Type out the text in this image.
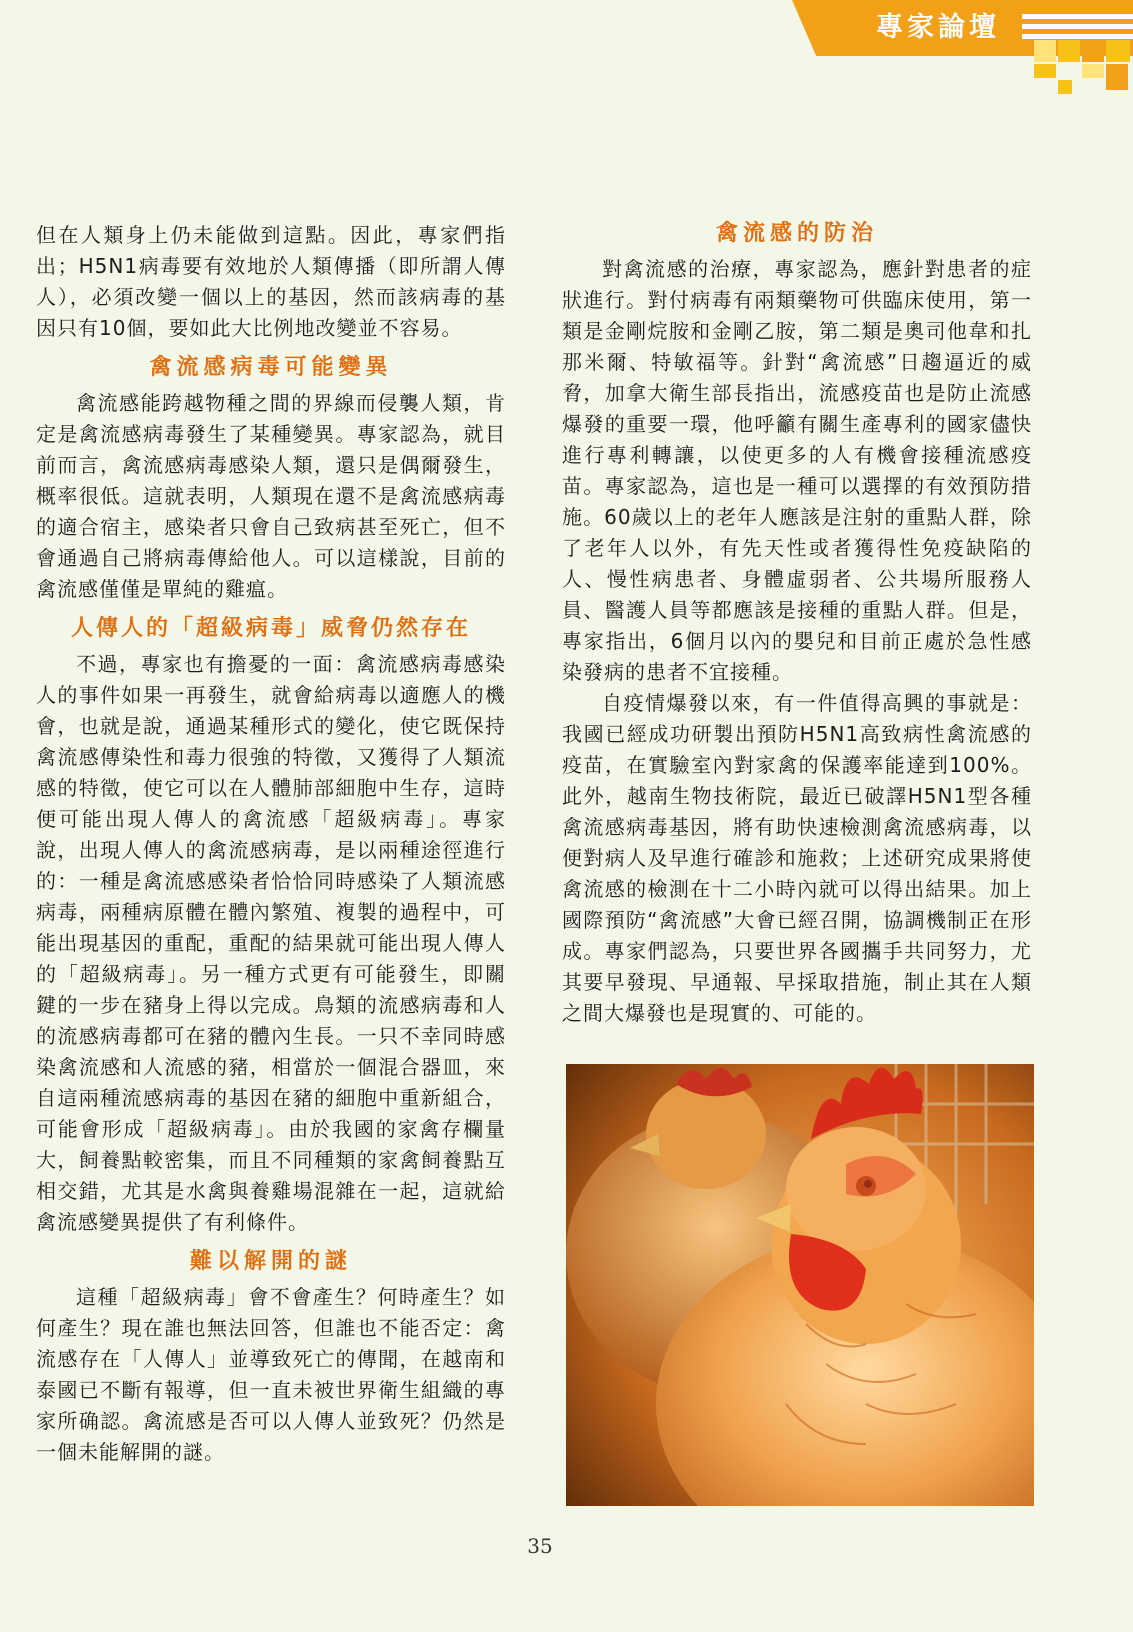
專家論壇

但在人類身上仍未能做到這點。因此，專家們指出；H5N1病毒要有效地於人類傳播（即所謂人傳人），必須改變一個以上的基因，然而該病毒的基因只有10個，要如此大比例地改變並不容易。

禽流感病毒可能變異

禽流感能跨越物種之間的界線而侵襲人類，肯定是禽流感病毒發生了某種變異。專家認為，就目前而言，禽流感病毒感染人類，還只是偶爾發生，概率很低。這就表明，人類現在還不是禽流感病毒的適合宿主，感染者只會自己致病甚至死亡，但不會通過自己將病毒傳給他人。可以這樣說，目前的禽流感僅僅是單純的雞瘟。

人傳人的「超級病毒」威脅仍然存在

不過，專家也有擔憂的一面：禽流感病毒感染人的事件如果一再發生，就會給病毒以適應人的機會，也就是說，通過某種形式的變化，使它既保持禽流感傳染性和毒力很強的特徵，又獲得了人類流感的特徵，使它可以在人體肺部細胞中生存，這時便可能出現人傳人的禽流感「超級病毒」。專家說，出現人傳人的禽流感病毒，是以兩種途徑進行的：一種是禽流感感染者恰恰同時感染了人類流感病毒，兩種病原體在體內繁殖、複製的過程中，可能出現基因的重配，重配的結果就可能出現人傳人的「超級病毒」。另一種方式更有可能發生，即關鍵的一步在豬身上得以完成。鳥類的流感病毒和人的流感病毒都可在豬的體內生長。一只不幸同時感染禽流感和人流感的豬，相當於一個混合器皿，來自這兩種流感病毒的基因在豬的細胞中重新組合，可能會形成「超級病毒」。由於我國的家禽存欄量大，飼養點較密集，而且不同種類的家禽飼養點互相交錯，尤其是水禽與養雞場混雜在一起，這就給禽流感變異提供了有利條件。

難以解開的謎

這種「超級病毒」會不會產生？何時產生？如何產生？現在誰也無法回答，但誰也不能否定：禽流感存在「人傳人」並導致死亡的傳聞，在越南和泰國已不斷有報導，但一直未被世界衛生組織的專家所确認。禽流感是否可以人傳人並致死？仍然是一個未能解開的謎。

禽流感的防治

對禽流感的治療，專家認為，應針對患者的症狀進行。對付病毒有兩類藥物可供臨床使用，第一類是金剛烷胺和金剛乙胺，第二類是奧司他韋和扎那米爾、特敏福等。針對“禽流感”日趨逼近的威脅，加拿大衛生部長指出，流感疫苗也是防止流感爆發的重要一環，他呼籲有關生產專利的國家儘快進行專利轉讓，以使更多的人有機會接種流感疫苗。專家認為，這也是一種可以選擇的有效預防措施。60歲以上的老年人應該是注射的重點人群，除了老年人以外，有先天性或者獲得性免疫缺陷的人、慢性病患者、身體虛弱者、公共場所服務人員、醫護人員等都應該是接種的重點人群。但是，專家指出，6個月以內的嬰兒和目前正處於急性感染發病的患者不宜接種。

自疫情爆發以來，有一件值得高興的事就是：我國已經成功研製出預防H5N1高致病性禽流感的疫苗，在實驗室內對家禽的保護率能達到100%。此外，越南生物技術院，最近已破譯H5N1型各種禽流感病毒基因，將有助快速檢測禽流感病毒，以便對病人及早進行確診和施救；上述研究成果將使禽流感的檢測在十二小時內就可以得出結果。加上國際預防“禽流感”大會已經召開，協調機制正在形成。專家們認為，只要世界各國攜手共同努力，尤其要早發現、早通報、早採取措施，制止其在人類之間大爆發也是現實的、可能的。

35
